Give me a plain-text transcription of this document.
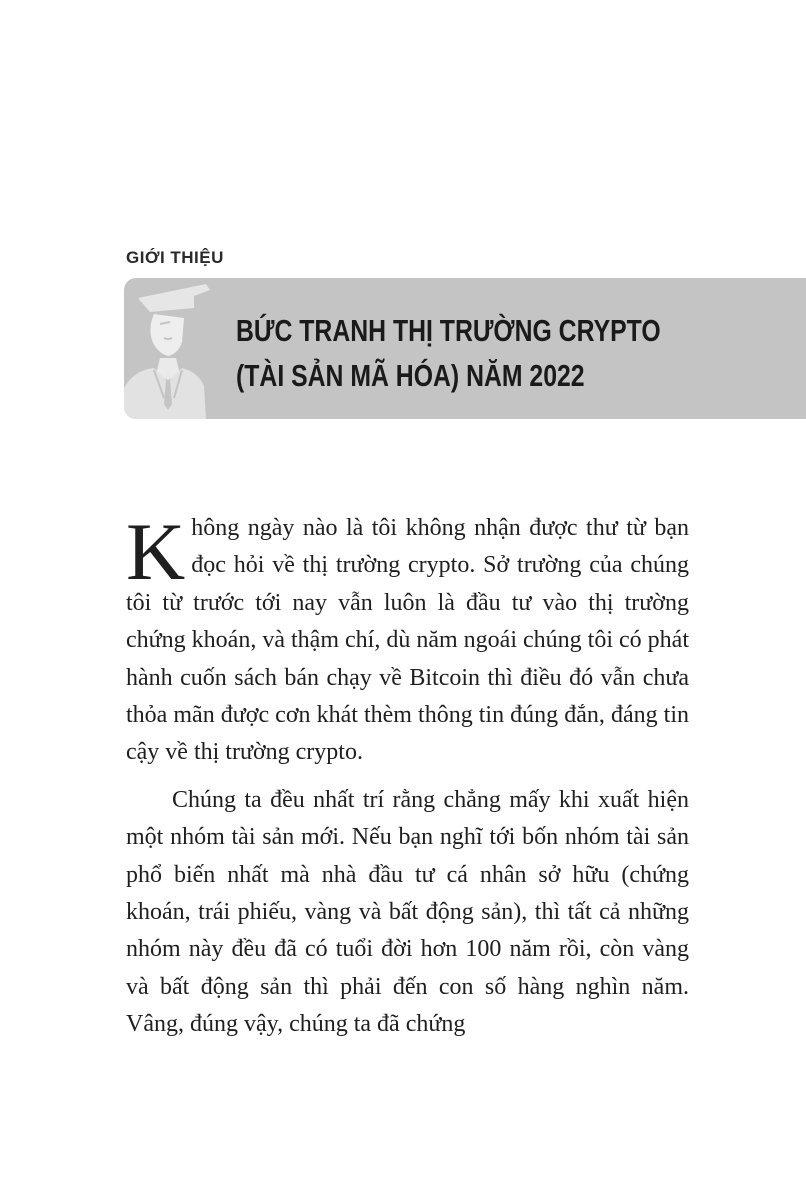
GIỚI THIỆU
BỨC TRANH THỊ TRƯỜNG CRYPTO
(TÀI SẢN MÃ HÓA) NĂM 2022

Không ngày nào là tôi không nhận được thư từ bạn đọc hỏi về thị trường crypto. Sở trường của chúng tôi từ trước tới nay vẫn luôn là đầu tư vào thị trường chứng khoán, và thậm chí, dù năm ngoái chúng tôi có phát hành cuốn sách bán chạy về Bitcoin thì điều đó vẫn chưa thỏa mãn được cơn khát thèm thông tin đúng đắn, đáng tin cậy về thị trường crypto.

Chúng ta đều nhất trí rằng chẳng mấy khi xuất hiện một nhóm tài sản mới. Nếu bạn nghĩ tới bốn nhóm tài sản phổ biến nhất mà nhà đầu tư cá nhân sở hữu (chứng khoán, trái phiếu, vàng và bất động sản), thì tất cả những nhóm này đều đã có tuổi đời hơn 100 năm rồi, còn vàng và bất động sản thì phải đến con số hàng nghìn năm. Vâng, đúng vậy, chúng ta đã chứng
